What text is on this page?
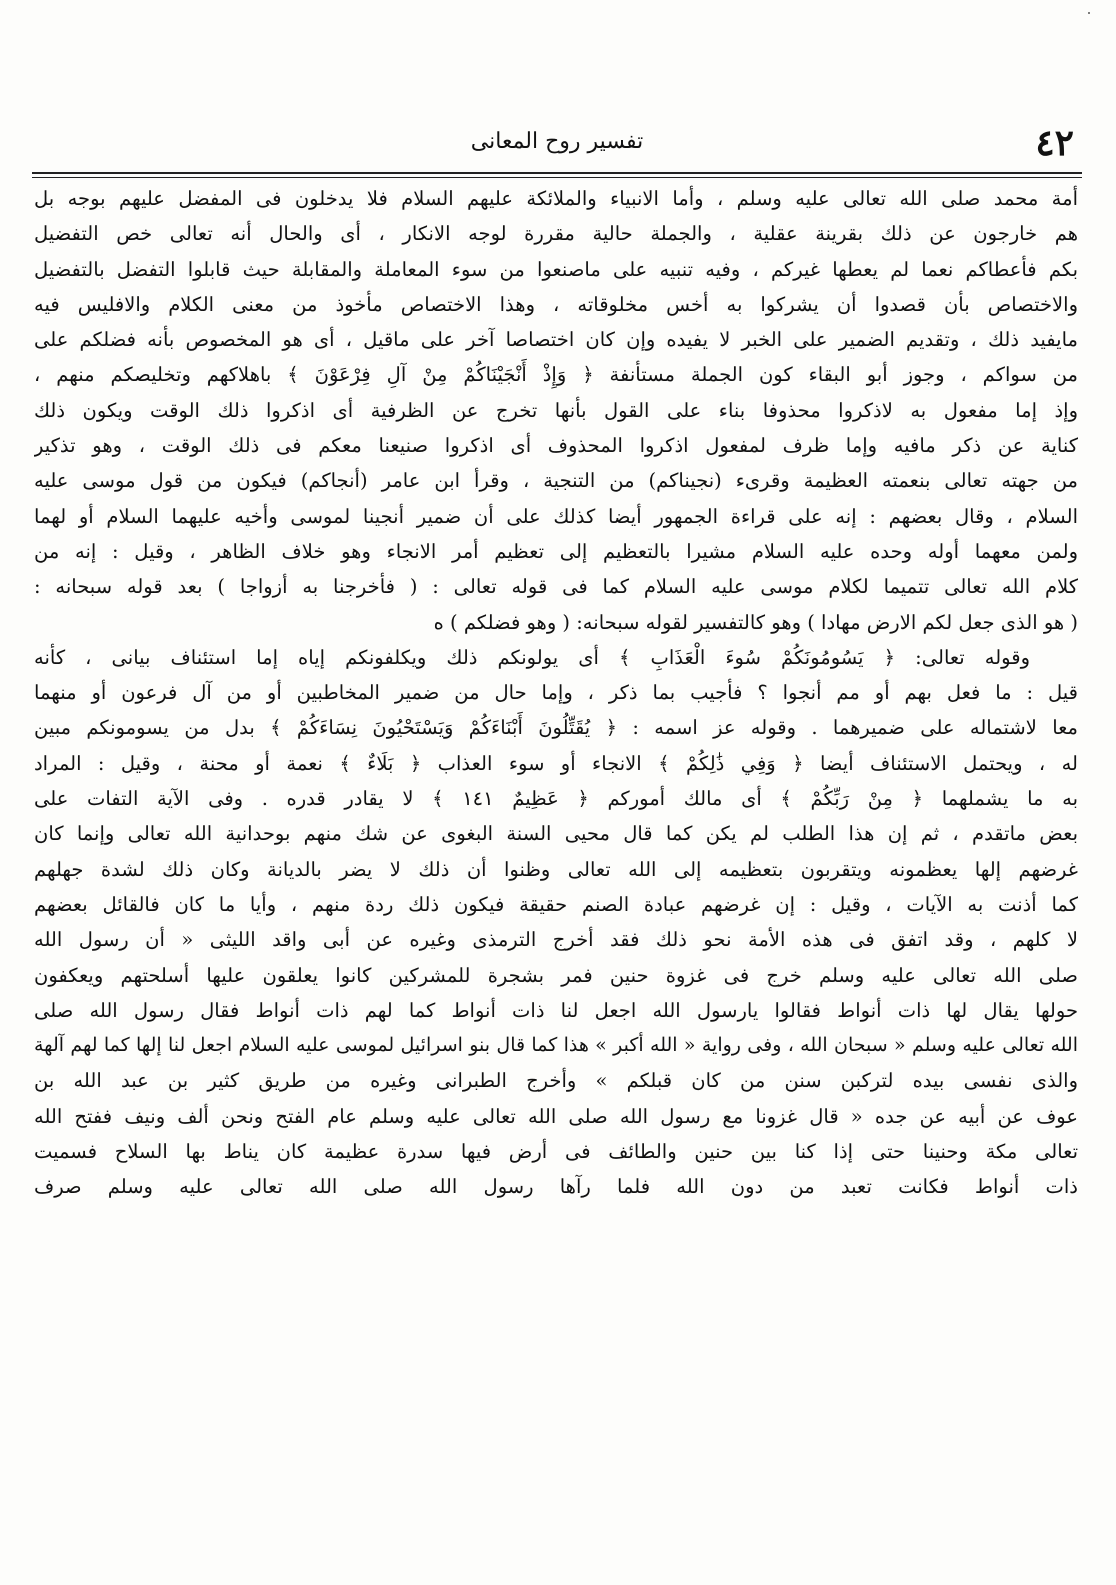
٤٢
تفسير روح المعانى
أمة محمد صلى الله تعالى عليه وسلم ، وأما الانبياء والملائكة عليهم السلام فلا يدخلون فى المفضل عليهم بوجه بل
هم خارجون عن ذلك بقرينة عقلية ، والجملة حالية مقررة لوجه الانكار ، أى والحال أنه تعالى خص التفضيل
بكم فأعطاكم نعما لم يعطها غيركم ، وفيه تنبيه على ماصنعوا من سوء المعاملة والمقابلة حيث قابلوا التفضل بالتفضيل
والاختصاص بأن قصدوا أن يشركوا به أخس مخلوقاته ، وهذا الاختصاص مأخوذ من معنى الكلام والافليس فيه
مايفيد ذلك ، وتقديم الضمير على الخبر لا يفيده وإن كان اختصاصا آخر على ماقيل ، أى هو المخصوص بأنه فضلكم على
من سواكم ، وجوز أبو البقاء كون الجملة مستأنفة ﴿ وَإِذْ أَنْجَيْنَاكُمْ مِنْ آلِ فِرْعَوْنَ ﴾ باهلاكهم وتخليصكم منهم ،
وإذ إما مفعول به لاذكروا محذوفا بناء على القول بأنها تخرج عن الظرفية أى اذكروا ذلك الوقت ويكون ذلك
كناية عن ذكر مافيه وإما ظرف لمفعول اذكروا المحذوف أى اذكروا صنيعنا معكم فى ذلك الوقت ، وهو تذكير
من جهته تعالى بنعمته العظيمة وقرىء (نجيناكم) من التنجية ، وقرأ ابن عامر (أنجاكم) فيكون من قول موسى عليه
السلام ، وقال بعضهم : إنه على قراءة الجمهور أيضا كذلك على أن ضمير أنجينا لموسى وأخيه عليهما السلام أو لهما
ولمن معهما أوله وحده عليه السلام مشيرا بالتعظيم إلى تعظيم أمر الانجاء وهو خلاف الظاهر ، وقيل : إنه من
كلام الله تعالى تتميما لكلام موسى عليه السلام كما فى قوله تعالى : ( فأخرجنا به أزواجا ) بعد قوله سبحانه :
( هو الذى جعل لكم الارض مهادا ) وهو كالتفسير لقوله سبحانه: ( وهو فضلكم ) ه
وقوله تعالى: ﴿ يَسُومُونَكُمْ سُوءَ الْعَذَابِ ﴾ أى يولونكم ذلك ويكلفونكم إياه إما استئناف بيانى ، كأنه
قيل : ما فعل بهم أو مم أنجوا ؟ فأجيب بما ذكر ، وإما حال من ضمير المخاطبين أو من آل فرعون أو منهما
معا لاشتماله على ضميرهما . وقوله عز اسمه : ﴿ يُقَتِّلُونَ أَبْنَاءَكُمْ وَيَسْتَحْيُونَ نِسَاءَكُمْ ﴾ بدل من يسومونكم مبين
له ، ويحتمل الاستئناف أيضا ﴿ وَفِي ذَٰلِكُمْ ﴾ الانجاء أو سوء العذاب ﴿ بَلَاءٌ ﴾ نعمة أو محنة ، وقيل : المراد
به ما يشملهما ﴿ مِنْ رَبِّكُمْ ﴾ أى مالك أموركم ﴿ عَظِيمٌ ١٤١ ﴾ لا يقادر قدره . وفى الآية التفات على
بعض ماتقدم ، ثم إن هذا الطلب لم يكن كما قال محيى السنة البغوى عن شك منهم بوحدانية الله تعالى وإنما كان
غرضهم إلها يعظمونه ويتقربون بتعظيمه إلى الله تعالى وظنوا أن ذلك لا يضر بالديانة وكان ذلك لشدة جهلهم
كما أذنت به الآيات ، وقيل : إن غرضهم عبادة الصنم حقيقة فيكون ذلك ردة منهم ، وأيا ما كان فالقائل بعضهم
لا كلهم ، وقد اتفق فى هذه الأمة نحو ذلك فقد أخرج الترمذى وغيره عن أبى واقد الليثى « أن رسول الله
صلى الله تعالى عليه وسلم خرج فى غزوة حنين فمر بشجرة للمشركين كانوا يعلقون عليها أسلحتهم ويعكفون
حولها يقال لها ذات أنواط فقالوا يارسول الله اجعل لنا ذات أنواط كما لهم ذات أنواط فقال رسول الله صلى
الله تعالى عليه وسلم « سبحان الله ، وفى رواية « الله أكبر » هذا كما قال بنو اسرائيل لموسى عليه السلام اجعل لنا إلها كما لهم آلهة
والذى نفسى بيده لتركبن سنن من كان قبلكم » وأخرج الطبرانى وغيره من طريق كثير بن عبد الله بن
عوف عن أبيه عن جده « قال غزونا مع رسول الله صلى الله تعالى عليه وسلم عام الفتح ونحن ألف ونيف ففتح الله
تعالى مكة وحنينا حتى إذا كنا بين حنين والطائف فى أرض فيها سدرة عظيمة كان يناط بها السلاح فسميت
ذات أنواط فكانت تعبد من دون الله فلما رآها رسول الله صلى الله تعالى عليه وسلم صرف
